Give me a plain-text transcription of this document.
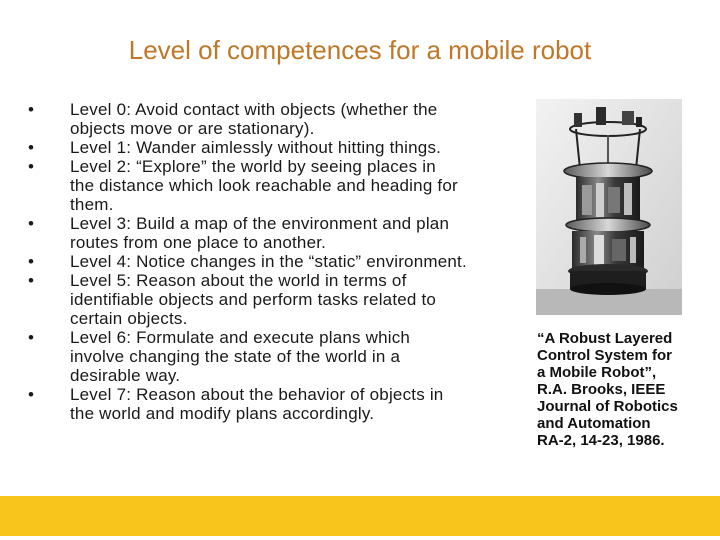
Level of competences for a mobile robot
•	Level 0: Avoid contact with objects (whether the
objects move or are stationary).
•	Level 1: Wander aimlessly without hitting things.
•	Level 2: “Explore” the world by seeing places in
the distance which look reachable and heading for
them.
•	Level 3: Build a map of the environment and plan
routes from one place to another.
•	Level 4: Notice changes in the “static” environment.
•	Level 5: Reason about the world in terms of
identifiable objects and perform tasks related to
certain objects.
•	Level 6: Formulate and execute plans which
involve changing the state of the world in a
desirable way.
•	Level 7: Reason about the behavior of objects in
the world and modify plans accordingly.
“A Robust Layered
Control System for
a Mobile Robot”,
R.A. Brooks, IEEE
Journal of Robotics
and Automation
RA-2, 14-23, 1986.
